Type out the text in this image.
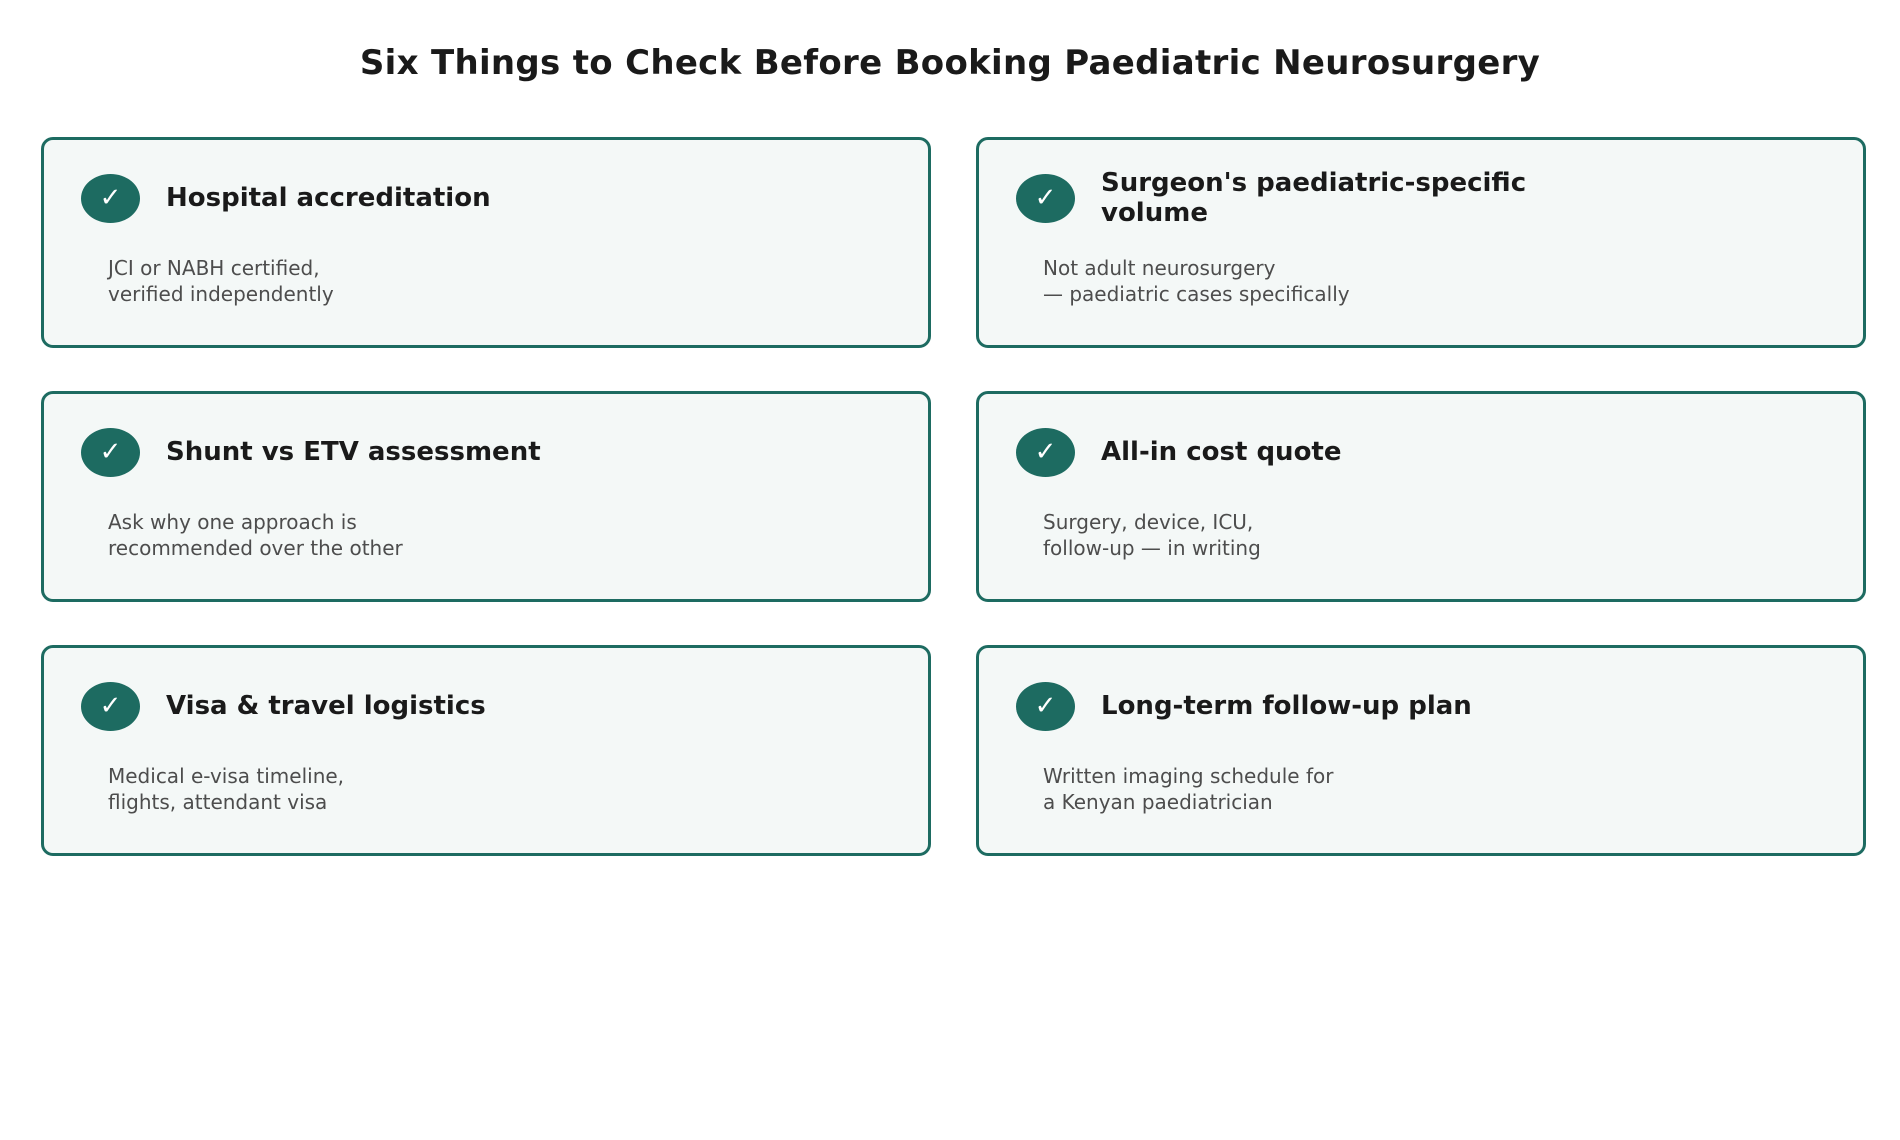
Six Things to Check Before Booking Paediatric Neurosurgery
✓	Hospital accreditation
JCI or NABH certified,
verified independently
✓	Surgeon's paediatric-specific
volume
Not adult neurosurgery
— paediatric cases specifically
✓	Shunt vs ETV assessment
Ask why one approach is
recommended over the other
✓	All-in cost quote
Surgery, device, ICU,
follow-up — in writing
✓	Visa & travel logistics
Medical e-visa timeline,
flights, attendant visa
✓	Long-term follow-up plan
Written imaging schedule for
a Kenyan paediatrician
